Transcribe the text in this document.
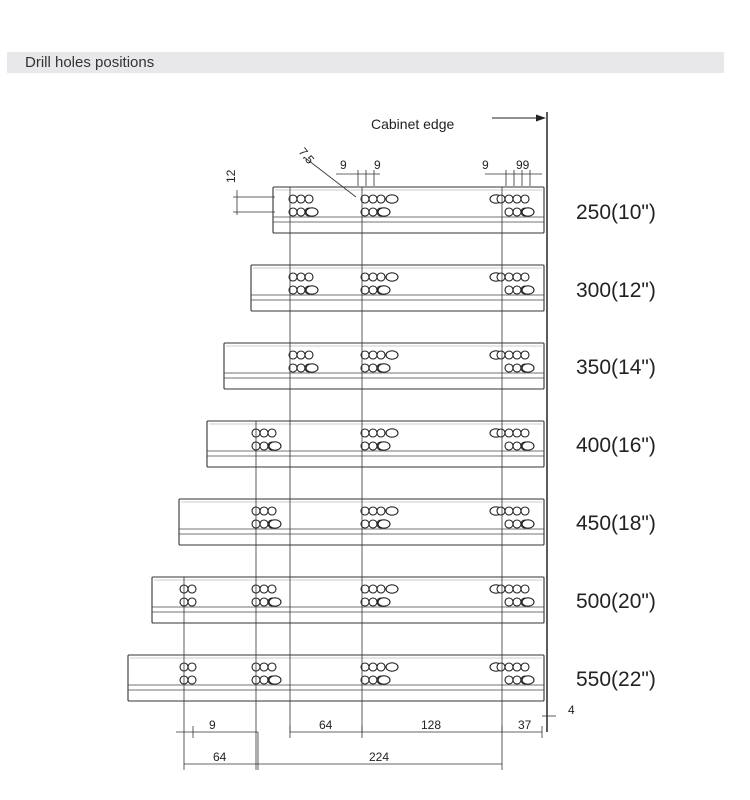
Drill holes positions
Cabinet edge
250(10")
300(12")
350(14")
400(16")
450(18")
500(20")
550(22")
12
7.5 9 9	9 99
9	64	128	37
4
64	224
